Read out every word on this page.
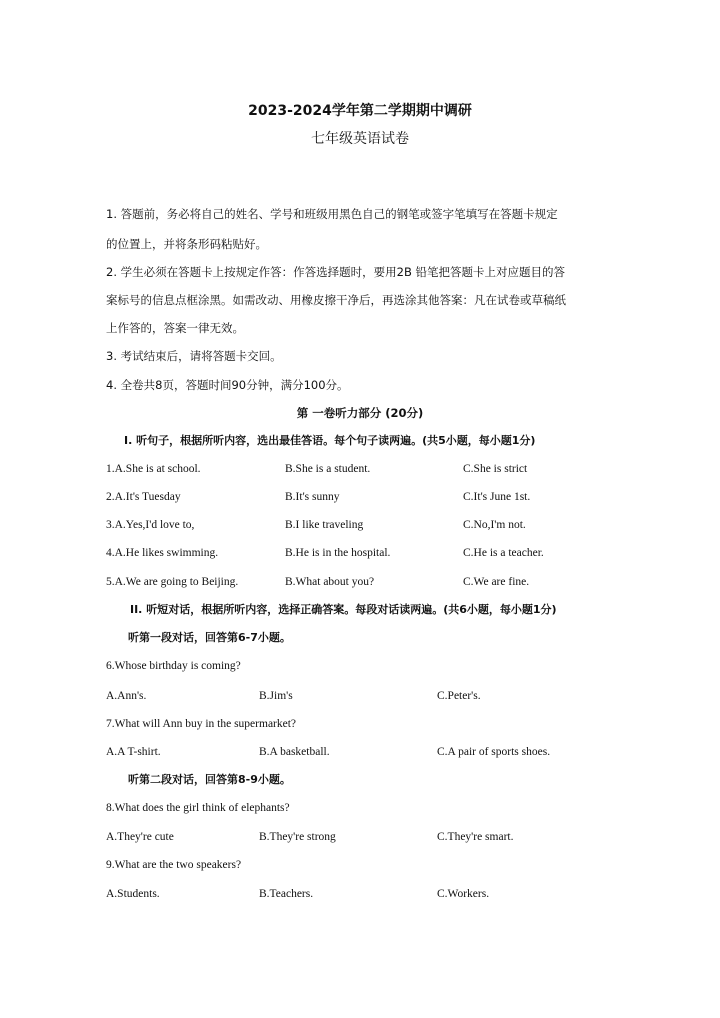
2023-2024学年第二学期期中调研
七年级英语试卷
1. 答题前，务必将自己的姓名、学号和班级用黑色自己的钢笔或签字笔填写在答题卡规定
的位置上，并将条形码粘贴好。
2. 学生必须在答题卡上按规定作答：作答选择题时，要用2B 铅笔把答题卡上对应题目的答
案标号的信息点框涂黑。如需改动、用橡皮擦干净后，再选涂其他答案：凡在试卷或草稿纸
上作答的，答案一律无效。
3. 考试结束后，请将答题卡交回。
4. 全卷共8页，答题时间90分钟，满分100分。
第 一卷听力部分 (20分)
I. 听句子，根据所听内容，选出最佳答语。每个句子读两遍。(共5小题，每小题1分)
1.A.She is at school.	B.She is a student.	C.She is strict
2.A.It's Tuesday	B.It's sunny	C.It's June 1st.
3.A.Yes,I'd love to,	B.I like traveling	C.No,I'm not.
4.A.He likes swimming.	B.He is in the hospital.	C.He is a teacher.
5.A.We are going to Beijing.	B.What about you?	C.We are fine.
II. 听短对话，根据所听内容，选择正确答案。每段对话读两遍。(共6小题，每小题1分)
听第一段对话，回答第6-7小题。
6.Whose birthday is coming?
A.Ann's.	B.Jim's	C.Peter's.
7.What will Ann buy in the supermarket?
A.A T-shirt.	B.A basketball.	C.A pair of sports shoes.
听第二段对话，回答第8-9小题。
8.What does the girl think of elephants?
A.They're cute	B.They're strong	C.They're smart.
9.What are the two speakers?
A.Students.	B.Teachers.	C.Workers.
